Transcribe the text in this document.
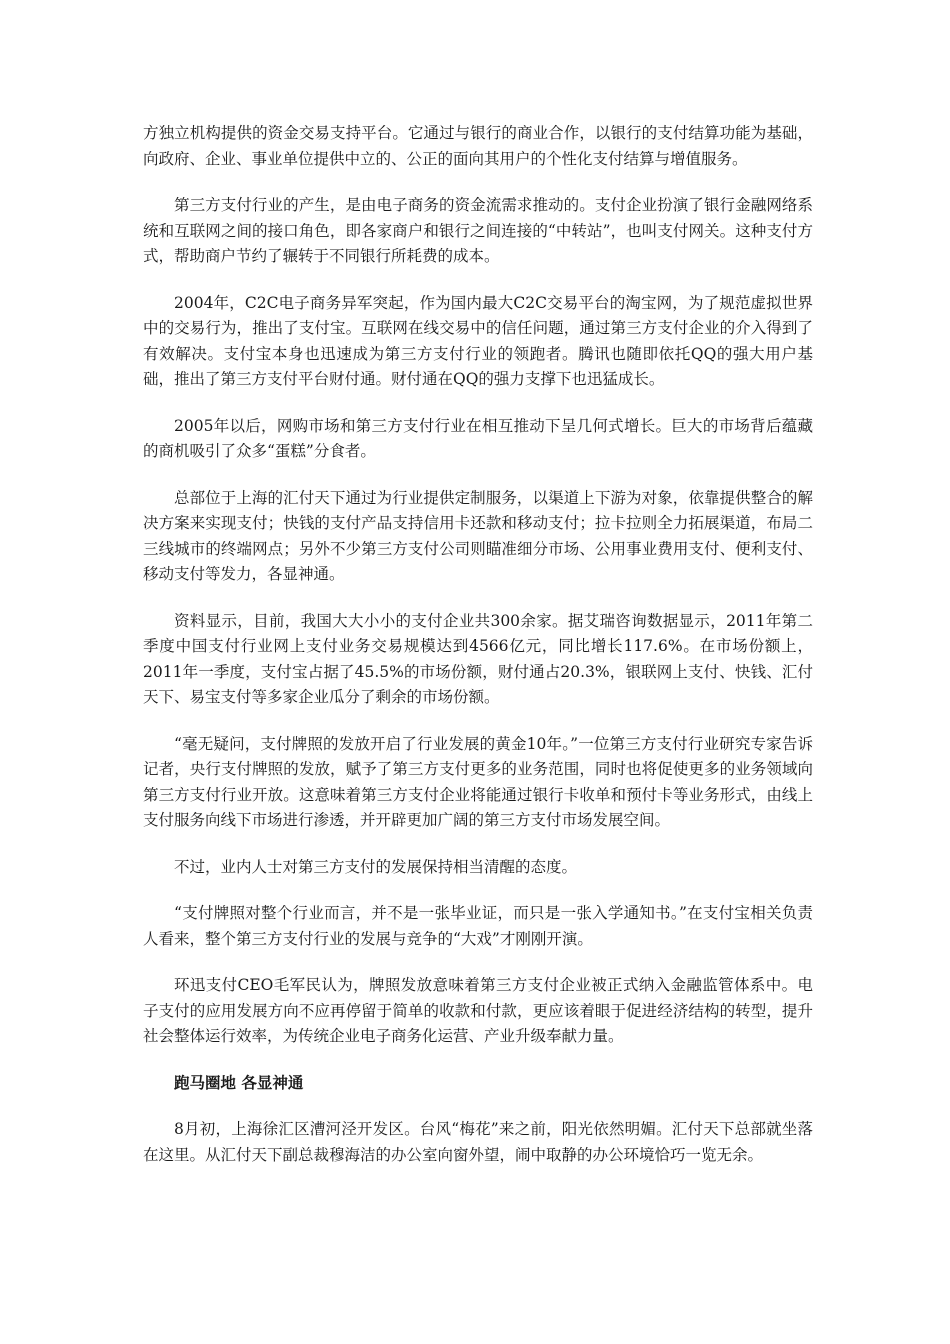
方独立机构提供的资金交易支持平台。它通过与银行的商业合作，以银行的支付结算功能为基础，向政府、企业、事业单位提供中立的、公正的面向其用户的个性化支付结算与增值服务。

第三方支付行业的产生，是由电子商务的资金流需求推动的。支付企业扮演了银行金融网络系统和互联网之间的接口角色，即各家商户和银行之间连接的“中转站”，也叫支付网关。这种支付方式，帮助商户节约了辗转于不同银行所耗费的成本。

2004年，C2C电子商务异军突起，作为国内最大C2C交易平台的淘宝网，为了规范虚拟世界中的交易行为，推出了支付宝。互联网在线交易中的信任问题，通过第三方支付企业的介入得到了有效解决。支付宝本身也迅速成为第三方支付行业的领跑者。腾讯也随即依托QQ的强大用户基础，推出了第三方支付平台财付通。财付通在QQ的强力支撑下也迅猛成长。

2005年以后，网购市场和第三方支付行业在相互推动下呈几何式增长。巨大的市场背后蕴藏的商机吸引了众多“蛋糕”分食者。

总部位于上海的汇付天下通过为行业提供定制服务，以渠道上下游为对象，依靠提供整合的解决方案来实现支付；快钱的支付产品支持信用卡还款和移动支付；拉卡拉则全力拓展渠道，布局二三线城市的终端网点；另外不少第三方支付公司则瞄准细分市场、公用事业费用支付、便利支付、移动支付等发力，各显神通。

资料显示，目前，我国大大小小的支付企业共300余家。据艾瑞咨询数据显示，2011年第二季度中国支付行业网上支付业务交易规模达到4566亿元，同比增长117.6%。在市场份额上，2011年一季度，支付宝占据了45.5%的市场份额，财付通占20.3%，银联网上支付、快钱、汇付天下、易宝支付等多家企业瓜分了剩余的市场份额。

“毫无疑问，支付牌照的发放开启了行业发展的黄金10年。”一位第三方支付行业研究专家告诉记者，央行支付牌照的发放，赋予了第三方支付更多的业务范围，同时也将促使更多的业务领域向第三方支付行业开放。这意味着第三方支付企业将能通过银行卡收单和预付卡等业务形式，由线上支付服务向线下市场进行渗透，并开辟更加广阔的第三方支付市场发展空间。

不过，业内人士对第三方支付的发展保持相当清醒的态度。

“支付牌照对整个行业而言，并不是一张毕业证，而只是一张入学通知书。”在支付宝相关负责人看来，整个第三方支付行业的发展与竞争的“大戏”才刚刚开演。

环迅支付CEO毛军民认为，牌照发放意味着第三方支付企业被正式纳入金融监管体系中。电子支付的应用发展方向不应再停留于简单的收款和付款，更应该着眼于促进经济结构的转型，提升社会整体运行效率，为传统企业电子商务化运营、产业升级奉献力量。

跑马圈地 各显神通

8月初，上海徐汇区漕河泾开发区。台风“梅花”来之前，阳光依然明媚。汇付天下总部就坐落在这里。从汇付天下副总裁穆海洁的办公室向窗外望，闹中取静的办公环境恰巧一览无余。
